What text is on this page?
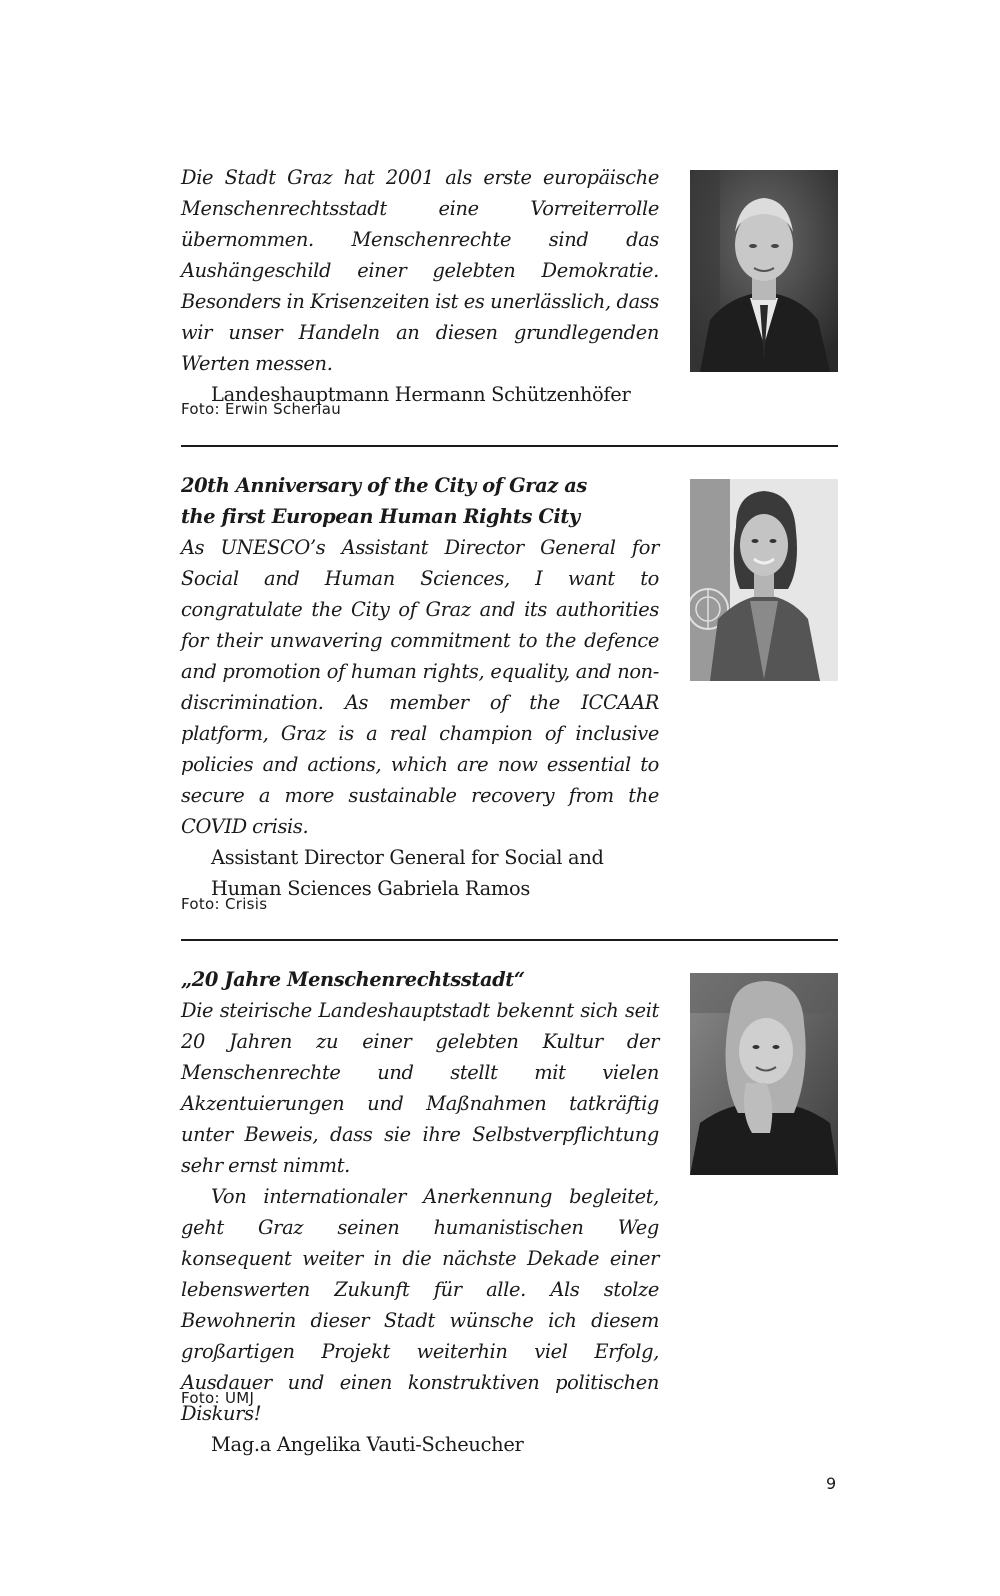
Die Stadt Graz hat 2001 als erste europäische Menschenrechtsstadt eine Vorreiterrolle übernommen. Menschenrechte sind das Aushängeschild einer gelebten Demokratie. Besonders in Krisenzeiten ist es unerlässlich, dass wir unser Handeln an diesen grundlegenden Werten messen.

Landeshauptmann Hermann Schützenhöfer

Foto: Erwin Scheriau

20th Anniversary of the City of Graz as
the first European Human Rights City

As UNESCO’s Assistant Director General for Social and Human Sciences, I want to congratulate the City of Graz and its authorities for their unwavering commitment to the defence and promotion of human rights, equality, and non-discrimination. As member of the ICCAAR platform, Graz is a real champion of inclusive policies and actions, which are now essential to secure a more sustainable recovery from the COVID crisis.

Assistant Director General for Social and
Human Sciences Gabriela Ramos

Foto: Crisis

„20 Jahre Menschenrechtsstadt“

Die steirische Landeshauptstadt bekennt sich seit 20 Jahren zu einer gelebten Kultur der Menschenrechte und stellt mit vielen Akzentuierungen und Maßnahmen tatkräftig unter Beweis, dass sie ihre Selbstverpflichtung sehr ernst nimmt.

Von internationaler Anerkennung begleitet, geht Graz seinen humanistischen Weg konsequent weiter in die nächste Dekade einer lebenswerten Zukunft für alle. Als stolze Bewohnerin dieser Stadt wünsche ich diesem großartigen Projekt weiterhin viel Erfolg, Ausdauer und einen konstruktiven politischen Diskurs!

Mag.a Angelika Vauti-Scheucher

Foto: UMJ
9
